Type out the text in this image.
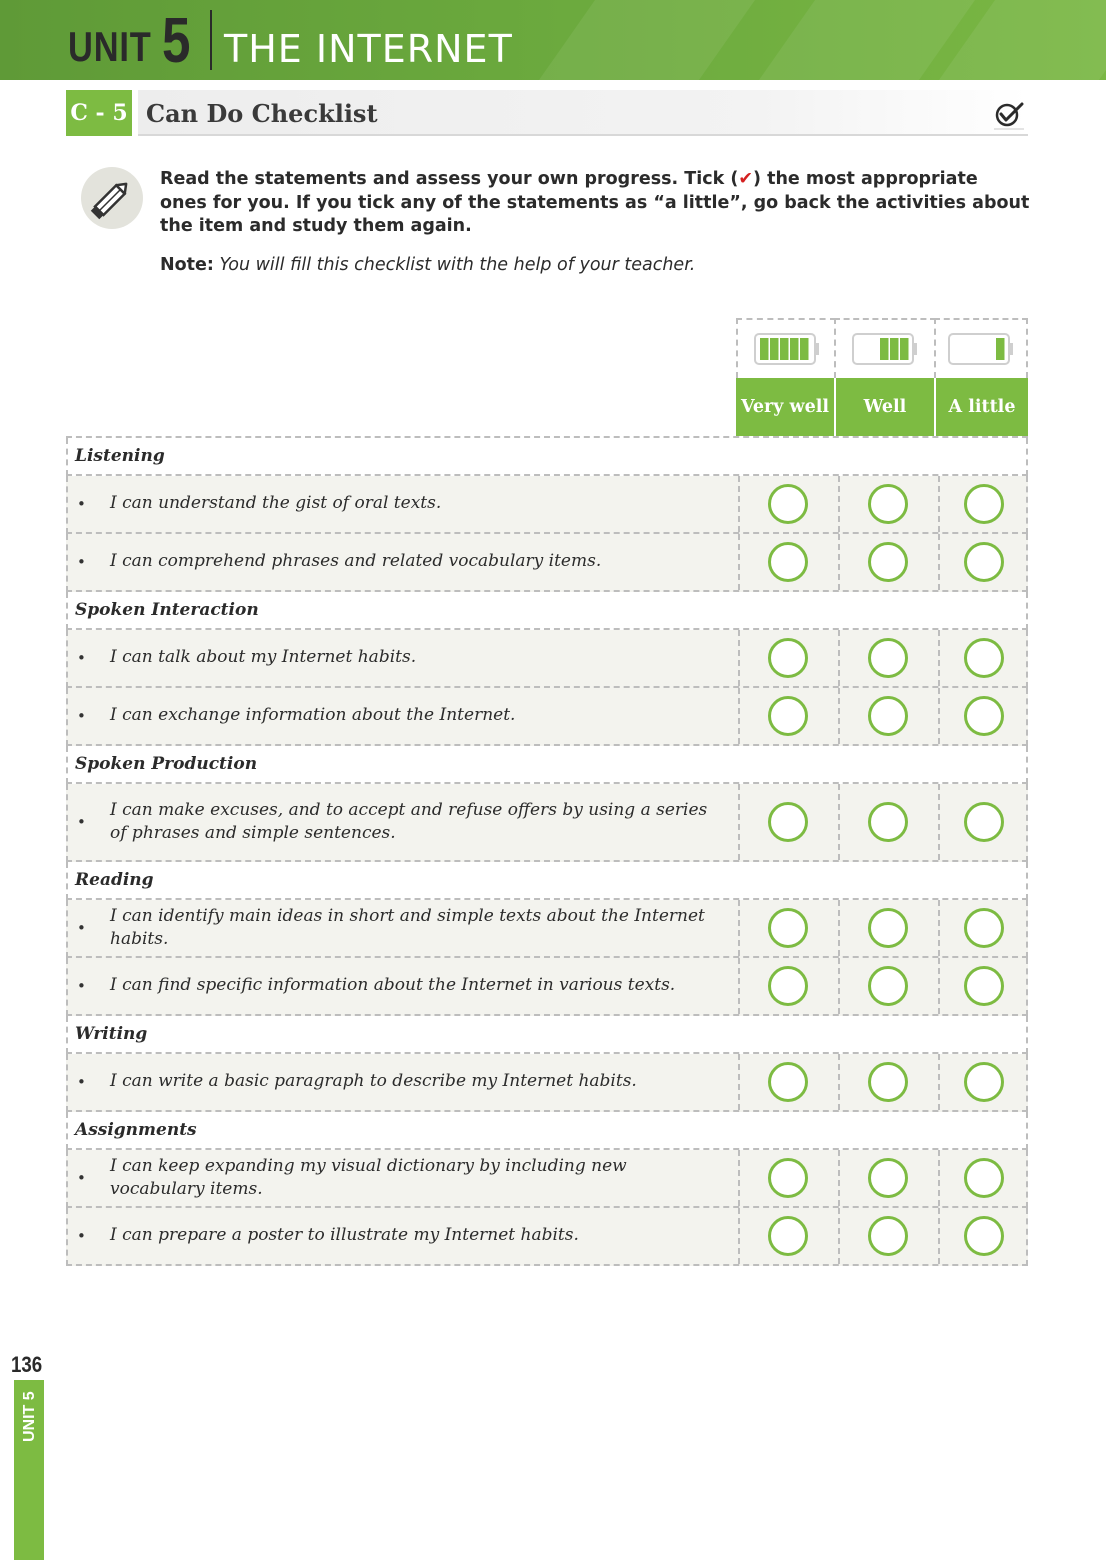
UNIT 5 THE INTERNET
C - 5 Can Do Checklist
Read the statements and assess your own progress. Tick (✔) the most appropriate ones for you. If you tick any of the statements as “a little”, go back the activities about the item and study them again.
Note: You will fill this checklist with the help of your teacher.
Very well	Well	A little
Listening
• I can understand the gist of oral texts.
• I can comprehend phrases and related vocabulary items.
Spoken Interaction
• I can talk about my Internet habits.
• I can exchange information about the Internet.
Spoken Production
•
I can make excuses, and to accept and refuse offers by using a series of phrases and simple sentences.
Reading
•
I can identify main ideas in short and simple texts about the Internet habits.
• I can find specific information about the Internet in various texts.
Writing
• I can write a basic paragraph to describe my Internet habits.
Assignments
•
I can keep expanding my visual dictionary by including new vocabulary items.
• I can prepare a poster to illustrate my Internet habits.
136
UNIT 5
